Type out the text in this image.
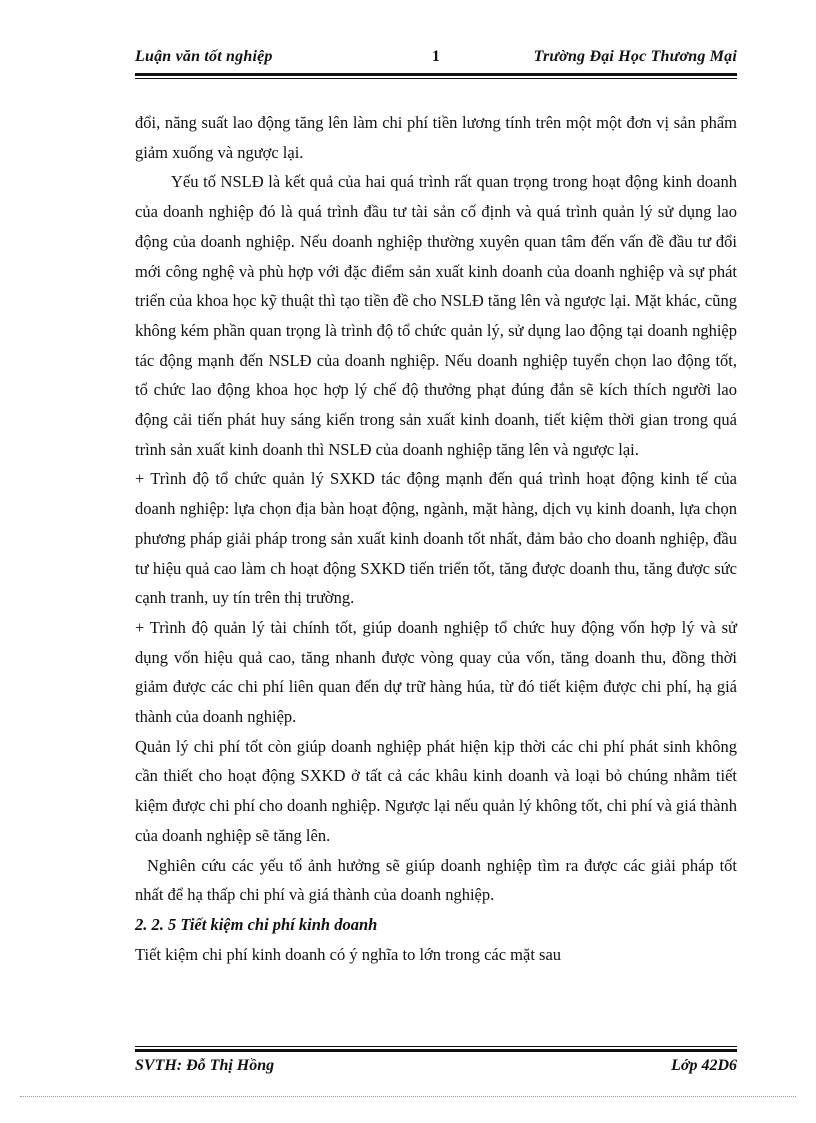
1
Luận văn tốt nghiệp	Trường Đại Học Thương Mại

đổi, năng suất lao động tăng lên làm chi phí tiền lương tính trên một một đơn vị sản phẩm giảm xuống và ngược lại.

Yếu tố NSLĐ là kết quả của hai quá trình rất quan trọng trong hoạt động kinh doanh của doanh nghiệp đó là quá trình đầu tư tài sản cố định và quá trình quản lý sử dụng lao động của doanh nghiệp. Nếu doanh nghiệp thường xuyên quan tâm đến vấn đề đầu tư đổi mới công nghệ và phù hợp với đặc điểm sản xuất kinh doanh của doanh nghiệp và sự phát triển của khoa học kỹ thuật thì tạo tiền đề cho NSLĐ tăng lên và ngược lại. Mặt khác, cũng không kém phần quan trọng là trình độ tổ chức quản lý, sử dụng lao động tại doanh nghiệp tác động mạnh đến NSLĐ của doanh nghiệp. Nếu doanh nghiệp tuyển chọn lao động tốt, tổ chức lao động khoa học hợp lý chế độ thưởng phạt đúng đắn sẽ kích thích người lao động cải tiến phát huy sáng kiến trong sản xuất kinh doanh, tiết kiệm thời gian trong quá trình sản xuất kinh doanh thì NSLĐ của doanh nghiệp tăng lên và ngược lại.

+ Trình độ tổ chức quản lý SXKD tác động mạnh đến quá trình hoạt động kinh tế của doanh nghiệp: lựa chọn địa bàn hoạt động, ngành, mặt hàng, dịch vụ kinh doanh, lựa chọn phương pháp giải pháp trong sản xuất kinh doanh tốt nhất, đảm bảo cho doanh nghiệp, đầu tư hiệu quả cao làm ch hoạt động SXKD tiến triển tốt, tăng được doanh thu, tăng được sức cạnh tranh, uy tín trên thị trường.

+ Trình độ quản lý tài chính tốt, giúp doanh nghiệp tổ chức huy động vốn hợp lý và sử dụng vốn hiệu quả cao, tăng nhanh được vòng quay của vốn, tăng doanh thu, đồng thời giảm được các chi phí liên quan đến dự trữ hàng húa, từ đó tiết kiệm được chi phí, hạ giá thành của doanh nghiệp.

Quản lý chi phí tốt còn giúp doanh nghiệp phát hiện kịp thời các chi phí phát sinh không cần thiết cho hoạt động SXKD ở tất cả các khâu kinh doanh và loại bỏ chúng nhằm tiết kiệm được chi phí cho doanh nghiệp. Ngược lại nếu quản lý không tốt, chi phí và giá thành của doanh nghiệp sẽ tăng lên.

Nghiên cứu các yếu tố ảnh hưởng sẽ giúp doanh nghiệp tìm ra được các giải pháp tốt nhất để hạ thấp chi phí và giá thành của doanh nghiệp.

2. 2. 5 Tiết kiệm chi phí kinh doanh

Tiết kiệm chi phí kinh doanh có ý nghĩa to lớn trong các mặt sau

SVTH: Đỗ Thị Hồng	Lớp 42D6
